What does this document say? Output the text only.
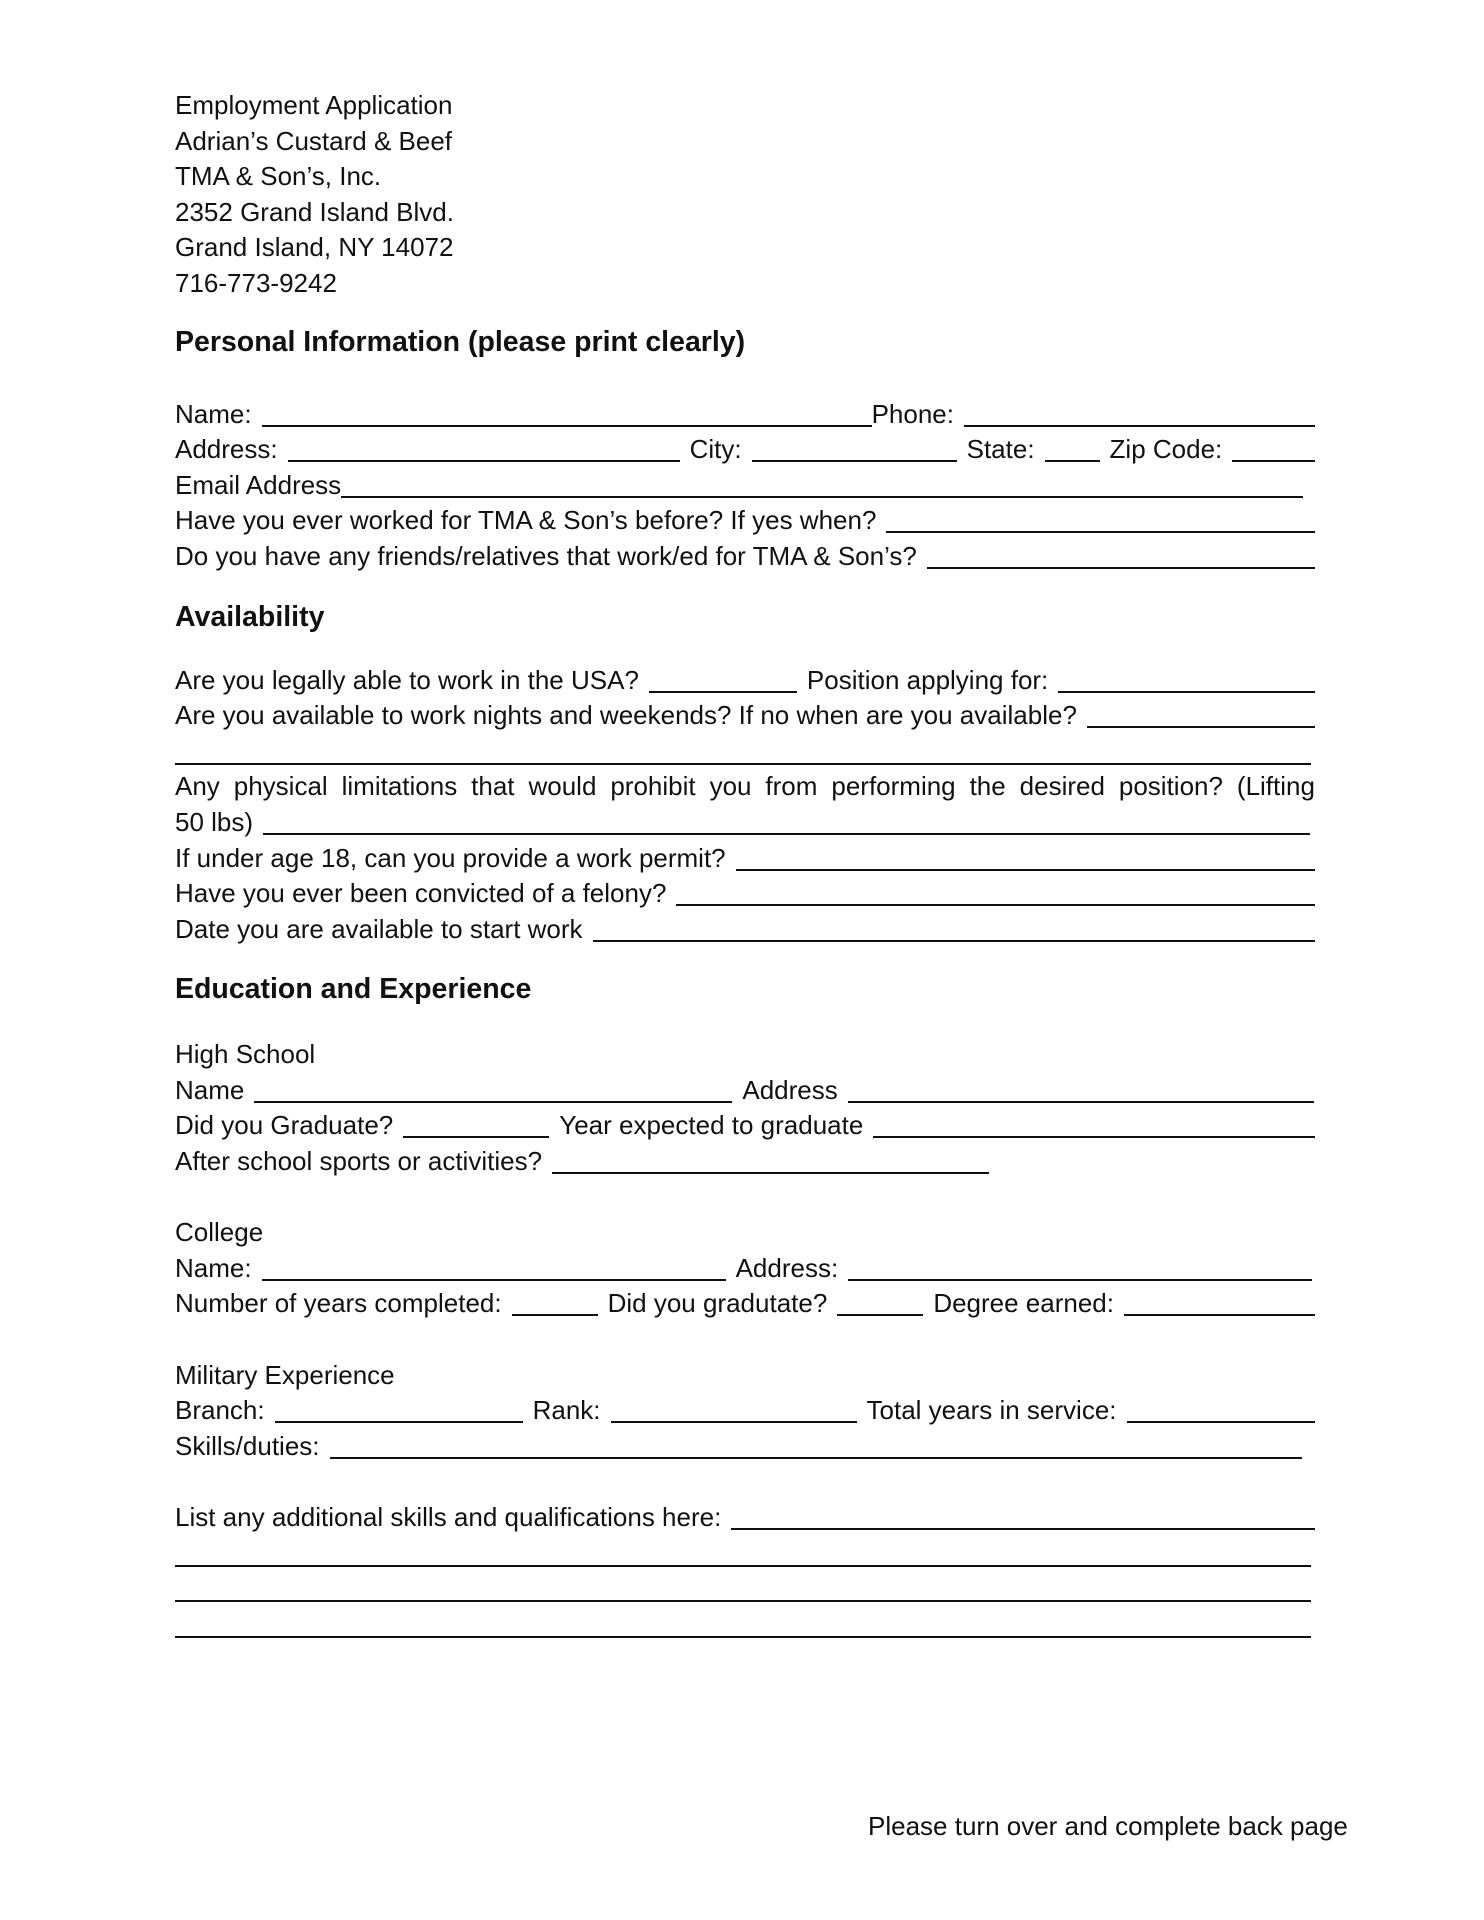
Employment Application
Adrian’s Custard & Beef
TMA & Son’s, Inc.
2352 Grand Island Blvd.
Grand Island, NY 14072
716-773-9242
Personal Information (please print clearly)
Name:	Phone:
Address:	City:	State:	Zip Code:
Email Address
Have you ever worked for TMA & Son’s before? If yes when?
Do you have any friends/relatives that work/ed for TMA & Son’s?
Availability
Are you legally able to work in the USA?	Position applying for:
Are you available to work nights and weekends? If no when are you available?
Any physical limitations that would prohibit you from performing the desired position? (Lifting
50 lbs)
If under age 18, can you provide a work permit?
Have you ever been convicted of a felony?
Date you are available to start work
Education and Experience
High School
Name	Address
Did you Graduate?	Year expected to graduate
After school sports or activities?
College
Name:	Address:
Number of years completed:	Did you gradutate?	Degree earned:
Military Experience
Branch:	Rank:	Total years in service:
Skills/duties:
List any additional skills and qualifications here:
Please turn over and complete back page
